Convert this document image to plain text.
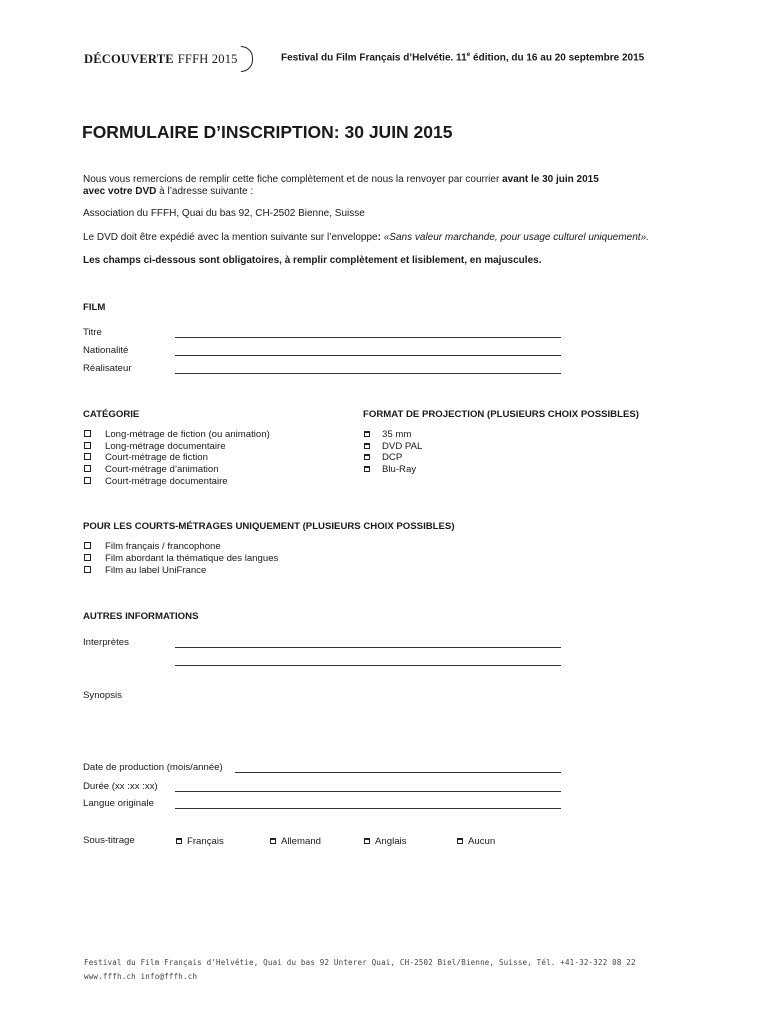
DÉCOUVERTE FFFH 2015	Festival du Film Français d’Helvétie. 11e édition, du 16 au 20 septembre 2015
FORMULAIRE D’INSCRIPTION: 30 JUIN 2015
Nous vous remercions de remplir cette fiche complètement et de nous la renvoyer par courrier avant le 30 juin 2015
avec votre DVD à l’adresse suivante :
Association du FFFH, Quai du bas 92, CH-2502 Bienne, Suisse
Le DVD doit être expédié avec la mention suivante sur l’enveloppe: «Sans valeur marchande, pour usage culturel uniquement».
Les champs ci-dessous sont obligatoires, à remplir complètement et lisiblement, en majuscules.
FILM
Titre
Nationalité
Réalisateur
CATÉGORIE
Long-métrage de fiction (ou animation)
Long-métrage documentaire
Court-métrage de fiction
Court-métrage d’animation
Court-métrage documentaire
FORMAT DE PROJECTION (PLUSIEURS CHOIX POSSIBLES)
35 mm
DVD PAL
DCP
Blu-Ray
POUR LES COURTS-MÉTRAGES UNIQUEMENT (PLUSIEURS CHOIX POSSIBLES)
Film français / francophone
Film abordant la thématique des langues
Film au label UniFrance
AUTRES INFORMATIONS
Interprètes
Synopsis
Date de production (mois/année)
Durée (xx :xx :xx)
Langue originale
Sous-titrage	Français	Allemand	Anglais	Aucun
Festival du Film Français d'Helvétie, Quai du bas 92 Unterer Quai, CH-2502 Biel/Bienne, Suisse, Tél. +41-32-322 08 22
www.fffh.ch info@fffh.ch
